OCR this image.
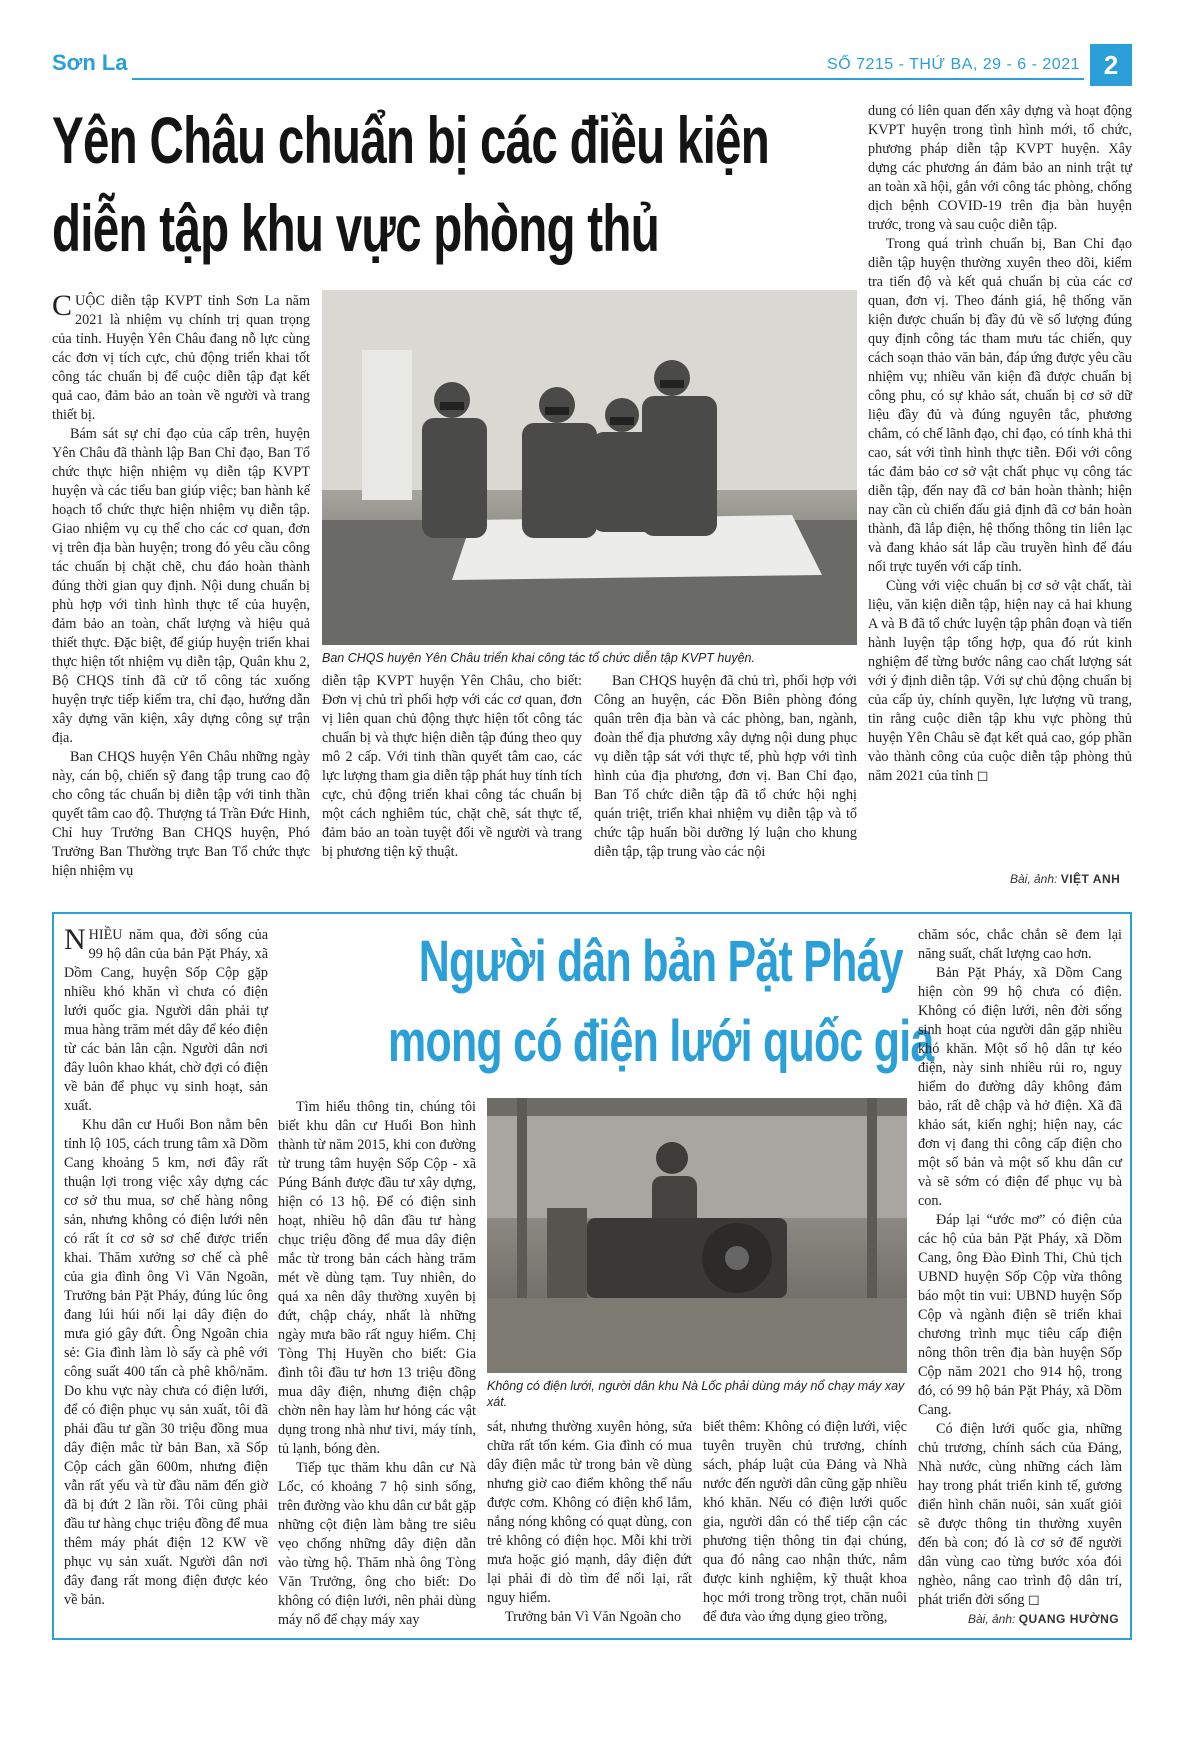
Sơn La	SỐ 7215 - THỨ BA, 29 - 6 - 2021 2
Yên Châu chuẩn bị các điều kiện
diễn tập khu vực phòng thủ

CUỘC diễn tập KVPT tỉnh Sơn La năm 2021 là nhiệm vụ chính trị quan trọng của tỉnh. Huyện Yên Châu đang nỗ lực cùng các đơn vị tích cực, chủ động triển khai tốt công tác chuẩn bị để cuộc diễn tập đạt kết quả cao, đảm bảo an toàn về người và trang thiết bị.

Bám sát sự chỉ đạo của cấp trên, huyện Yên Châu đã thành lập Ban Chỉ đạo, Ban Tổ chức thực hiện nhiệm vụ diễn tập KVPT huyện và các tiểu ban giúp việc; ban hành kế hoạch tổ chức thực hiện nhiệm vụ diễn tập. Giao nhiệm vụ cụ thể cho các cơ quan, đơn vị trên địa bàn huyện; trong đó yêu cầu công tác chuẩn bị chặt chẽ, chu đáo hoàn thành đúng thời gian quy định. Nội dung chuẩn bị phù hợp với tình hình thực tế của huyện, đảm bảo an toàn, chất lượng và hiệu quả thiết thực. Đặc biệt, để giúp huyện triển khai thực hiện tốt nhiệm vụ diễn tập, Quân khu 2, Bộ CHQS tỉnh đã cử tổ công tác xuống huyện trực tiếp kiểm tra, chỉ đạo, hướng dẫn xây dựng văn kiện, xây dựng công sự trận địa.

Ban CHQS huyện Yên Châu những ngày này, cán bộ, chiến sỹ đang tập trung cao độ cho công tác chuẩn bị diễn tập với tinh thần quyết tâm cao độ. Thượng tá Trần Đức Hinh, Chỉ huy Trưởng Ban CHQS huyện, Phó Trưởng Ban Thường trực Ban Tổ chức thực hiện nhiệm vụ

Ban CHQS huyện Yên Châu triển khai công tác tổ chức diễn tập KVPT huyện.

diễn tập KVPT huyện Yên Châu, cho biết: Đơn vị chủ trì phối hợp với các cơ quan, đơn vị liên quan chủ động thực hiện tốt công tác chuẩn bị và thực hiện diễn tập đúng theo quy mô 2 cấp. Với tinh thần quyết tâm cao, các lực lượng tham gia diễn tập phát huy tính tích cực, chủ động triển khai công tác chuẩn bị một cách nghiêm túc, chặt chẽ, sát thực tế, đảm bảo an toàn tuyệt đối về người và trang bị phương tiện kỹ thuật.

Ban CHQS huyện đã chủ trì, phối hợp với Công an huyện, các Đồn Biên phòng đóng quân trên địa bàn và các phòng, ban, ngành, đoàn thể địa phương xây dựng nội dung phục vụ diễn tập sát với thực tế, phù hợp với tình hình của địa phương, đơn vị. Ban Chỉ đạo, Ban Tổ chức diễn tập đã tổ chức hội nghị quán triệt, triển khai nhiệm vụ diễn tập và tổ chức tập huấn bồi dưỡng lý luận cho khung diễn tập, tập trung vào các nội

dung có liên quan đến xây dựng và hoạt động KVPT huyện trong tình hình mới, tổ chức, phương pháp diễn tập KVPT huyện. Xây dựng các phương án đảm bảo an ninh trật tự an toàn xã hội, gắn với công tác phòng, chống dịch bệnh COVID-19 trên địa bàn huyện trước, trong và sau cuộc diễn tập.

Trong quá trình chuẩn bị, Ban Chỉ đạo diễn tập huyện thường xuyên theo dõi, kiểm tra tiến độ và kết quả chuẩn bị của các cơ quan, đơn vị. Theo đánh giá, hệ thống văn kiện được chuẩn bị đầy đủ về số lượng đúng quy định công tác tham mưu tác chiến, quy cách soạn thảo văn bản, đáp ứng được yêu cầu nhiệm vụ; nhiều văn kiện đã được chuẩn bị công phu, có sự khảo sát, chuẩn bị cơ sở dữ liệu đầy đủ và đúng nguyên tắc, phương châm, có chế lãnh đạo, chỉ đạo, có tính khả thi cao, sát với tình hình thực tiễn. Đối với công tác đảm bảo cơ sở vật chất phục vụ công tác diễn tập, đến nay đã cơ bản hoàn thành; hiện nay cần cù chiến đấu giả định đã cơ bản hoàn thành, đã lắp điện, hệ thống thông tin liên lạc và đang khảo sát lắp cầu truyền hình để đáu nối trực tuyến với cấp tỉnh.

Cùng với việc chuẩn bị cơ sở vật chất, tài liệu, văn kiện diễn tập, hiện nay cả hai khung A và B đã tổ chức luyện tập phân đoạn và tiến hành luyện tập tổng hợp, qua đó rút kinh nghiệm để từng bước nâng cao chất lượng sát với ý định diễn tập. Với sự chủ động chuẩn bị của cấp ủy, chính quyền, lực lượng vũ trang, tin rằng cuộc diễn tập khu vực phòng thủ huyện Yên Châu sẽ đạt kết quả cao, góp phần vào thành công của cuộc diễn tập phòng thủ năm 2021 của tỉnh ◻

Bài, ảnh: VIỆT ANH
Người dân bản Pặt Pháy
mong có điện lưới quốc gia

NHIỀU năm qua, đời sống của 99 hộ dân của bản Pặt Pháy, xã Dồm Cang, huyện Sốp Cộp gặp nhiều khó khăn vì chưa có điện lưới quốc gia. Người dân phải tự mua hàng trăm mét dây để kéo điện từ các bản lân cận. Người dân nơi đây luôn khao khát, chờ đợi có điện về bản để phục vụ sinh hoạt, sản xuất.

Khu dân cư Huổi Bon nằm bên tỉnh lộ 105, cách trung tâm xã Dồm Cang khoảng 5 km, nơi đây rất thuận lợi trong việc xây dựng các cơ sở thu mua, sơ chế hàng nông sản, nhưng không có điện lưới nên có rất ít cơ sở sơ chế được triển khai. Thăm xưởng sơ chế cà phê của gia đình ông Vì Văn Ngoãn, Trưởng bản Pặt Pháy, đúng lúc ông đang lúi húi nối lại dây điện do mưa gió gây đứt. Ông Ngoãn chia sẻ: Gia đình làm lò sấy cà phê với công suất 400 tấn cà phê khô/năm. Do khu vực này chưa có điện lưới, để có điện phục vụ sản xuất, tôi đã phải đầu tư gần 30 triệu đồng mua dây điện mắc từ bản Ban, xã Sốp Cộp cách gần 600m, nhưng điện vẫn rất yếu và từ đầu năm đến giờ đã bị đứt 2 lần rồi. Tôi cũng phải đầu tư hàng chục triệu đồng để mua thêm máy phát điện 12 KW về phục vụ sản xuất. Người dân nơi đây đang rất mong điện được kéo về bản.

Tìm hiểu thông tin, chúng tôi biết khu dân cư Huổi Bon hình thành từ năm 2015, khi con đường từ trung tâm huyện Sốp Cộp - xã Púng Bánh được đầu tư xây dựng, hiện có 13 hộ. Để có điện sinh hoạt, nhiều hộ dân đầu tư hàng chục triệu đồng để mua dây điện mắc từ trong bản cách hàng trăm mét về dùng tạm. Tuy nhiên, do quá xa nên dây thường xuyên bị đứt, chập cháy, nhất là những ngày mưa bão rất nguy hiểm. Chị Tòng Thị Huyền cho biết: Gia đình tôi đầu tư hơn 13 triệu đồng mua dây điện, nhưng điện chập chờn nên hay làm hư hỏng các vật dụng trong nhà như tivi, máy tính, tủ lạnh, bóng đèn.

Tiếp tục thăm khu dân cư Nà Lốc, có khoảng 7 hộ sinh sống, trên đường vào khu dân cư bắt gặp những cột điện làm bằng tre siêu vẹo chống những dây điện dẫn vào từng hộ. Thăm nhà ông Tòng Văn Trưởng, ông cho biết: Do không có điện lưới, nên phải dùng máy nổ để chạy máy xay

Không có điện lưới, người dân khu Nà Lốc phải dùng máy nổ chạy máy xay xát.

sát, nhưng thường xuyên hỏng, sửa chữa rất tốn kém. Gia đình có mua dây điện mắc từ trong bản về dùng nhưng giờ cao điểm không thể nấu được cơm. Không có điện khổ lắm, nắng nóng không có quạt dùng, con trẻ không có điện học. Mỗi khi trời mưa hoặc gió mạnh, dây điện đứt lại phải đi dò tìm để nối lại, rất nguy hiểm.

Trưởng bản Vì Văn Ngoãn cho

biết thêm: Không có điện lưới, việc tuyên truyền chủ trương, chính sách, pháp luật của Đảng và Nhà nước đến người dân cũng gặp nhiều khó khăn. Nếu có điện lưới quốc gia, người dân có thể tiếp cận các phương tiện thông tin đại chúng, qua đó nâng cao nhận thức, nắm được kinh nghiệm, kỹ thuật khoa học mới trong trồng trọt, chăn nuôi để đưa vào ứng dụng gieo trồng,

chăm sóc, chắc chắn sẽ đem lại năng suất, chất lượng cao hơn.

Bản Pặt Pháy, xã Dồm Cang hiện còn 99 hộ chưa có điện. Không có điện lưới, nên đời sống sinh hoạt của người dân gặp nhiều khó khăn. Một số hộ dân tự kéo điện, này sinh nhiều rủi ro, nguy hiểm do đường dây không đảm bảo, rất dễ chập và hở điện. Xã đã khảo sát, kiến nghị; hiện nay, các đơn vị đang thi công cấp điện cho một số bản và một số khu dân cư và sẽ sớm có điện để phục vụ bà con.

Đáp lại “ước mơ” có điện của các hộ của bản Pặt Pháy, xã Dồm Cang, ông Đào Đình Thi, Chủ tịch UBND huyện Sốp Cộp vừa thông báo một tin vui: UBND huyện Sốp Cộp và ngành điện sẽ triển khai chương trình mục tiêu cấp điện nông thôn trên địa bàn huyện Sốp Cộp năm 2021 cho 914 hộ, trong đó, có 99 hộ bản Pặt Pháy, xã Dồm Cang.

Có điện lưới quốc gia, những chủ trương, chính sách của Đảng, Nhà nước, cùng những cách làm hay trong phát triển kinh tế, gương điển hình chăn nuôi, sản xuất giỏi sẽ được thông tin thường xuyên đến bà con; đó là cơ sở để người dân vùng cao từng bước xóa đói nghèo, nâng cao trình độ dân trí, phát triển đời sống ◻

Bài, ảnh: QUANG HƯỜNG
